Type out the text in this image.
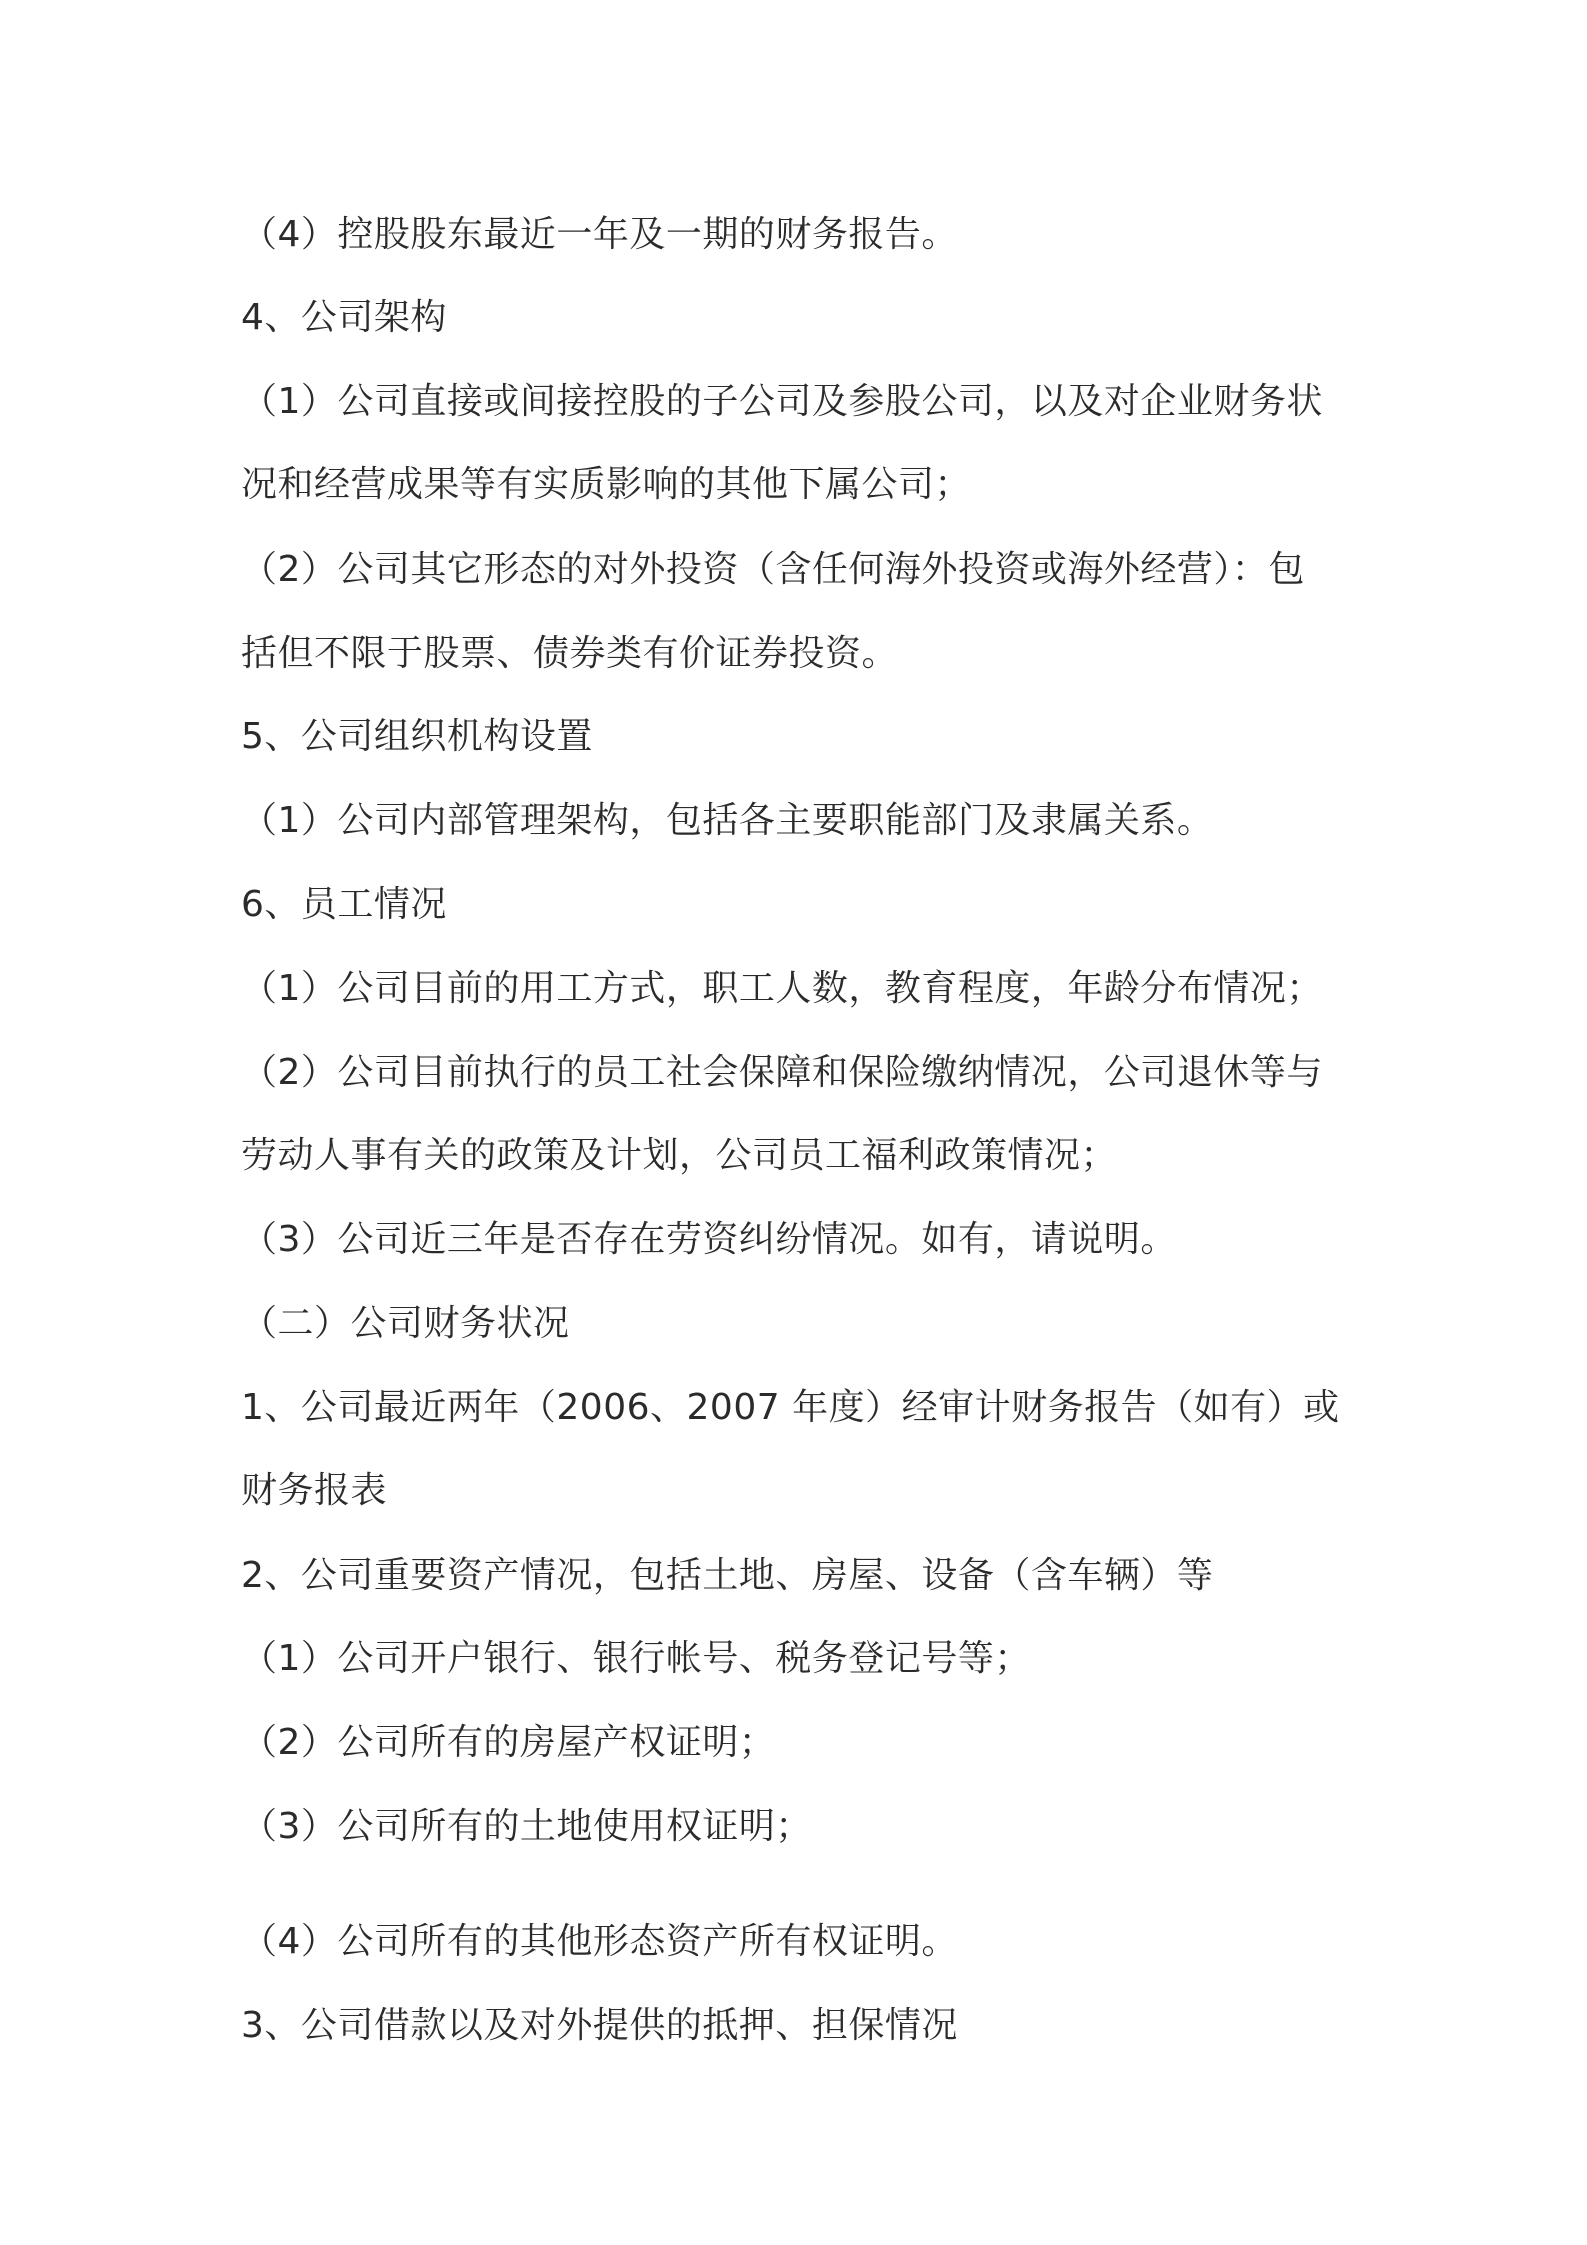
（4）控股股东最近一年及一期的财务报告。
4、公司架构
（1）公司直接或间接控股的子公司及参股公司，以及对企业财务状
况和经营成果等有实质影响的其他下属公司；
（2）公司其它形态的对外投资（含任何海外投资或海外经营）：包
括但不限于股票、债券类有价证券投资。
5、公司组织机构设置
（1）公司内部管理架构，包括各主要职能部门及隶属关系。
6、员工情况
（1）公司目前的用工方式，职工人数，教育程度，年龄分布情况；
（2）公司目前执行的员工社会保障和保险缴纳情况，公司退休等与
劳动人事有关的政策及计划，公司员工福利政策情况；
（3）公司近三年是否存在劳资纠纷情况。如有，请说明。
（二）公司财务状况
1、公司最近两年（2006、2007 年度）经审计财务报告（如有）或
财务报表
2、公司重要资产情况，包括土地、房屋、设备（含车辆）等
（1）公司开户银行、银行帐号、税务登记号等；
（2）公司所有的房屋产权证明；
（3）公司所有的土地使用权证明；
（4）公司所有的其他形态资产所有权证明。
3、公司借款以及对外提供的抵押、担保情况
